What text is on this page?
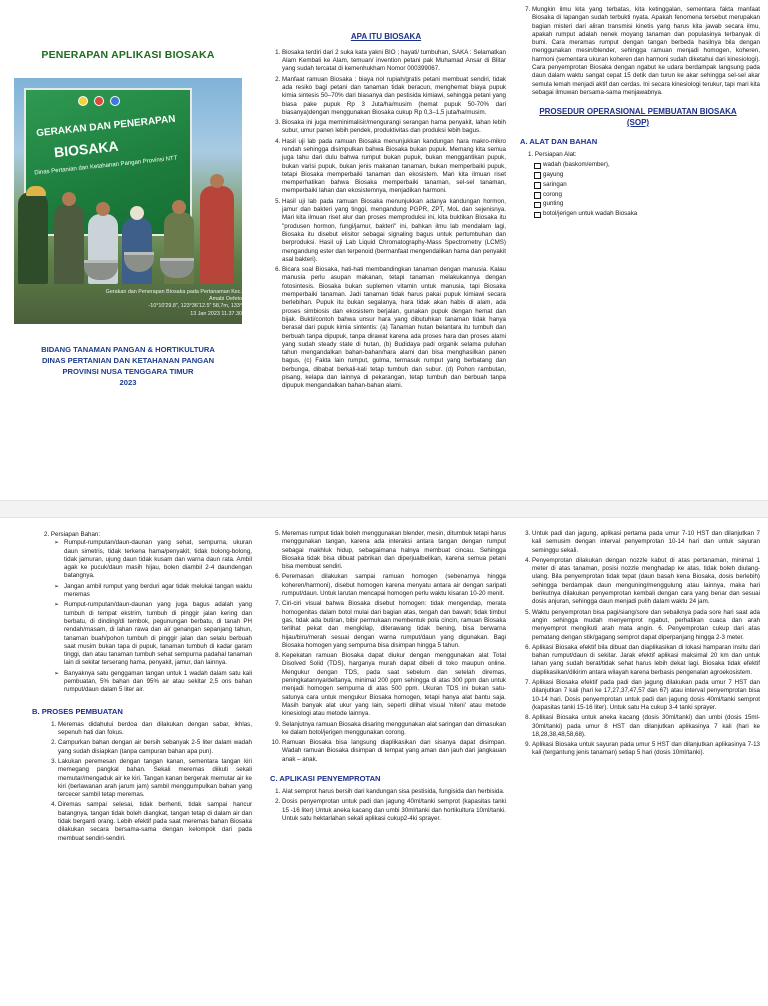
PENERAPAN APLIKASI BIOSAKA
GERAKAN DAN PENERAPAN
BIOSAKA
Dinas Pertanian dan Ketahanan Pangan Provinsi NTT
Gerakan dan Penerapan Biosaka pada Pertanaman Kec. Amabi Oefeto
-10°10'29.8", 123°36'12.5" 58,7m, 133°
13 Jan 2023 11.37.30
BIDANG TANAMAN PANGAN & HORTIKULTURA
DINAS PERTANIAN DAN KETAHANAN PANGAN
PROVINSI NUSA TENGGARA TIMUR
2023
APA ITU BIOSAKA
1. Biosaka terdiri dari 2 suka kata yakni BIO ; hayati/ tumbuhan, SAKA : Selamatkan Alam Kembali ke Alam, temuan/ invention petani pak Muhamad Ansar di Blitar yang sudah tercatat di kemenhukham Nomor 000399067.
2. Manfaat ramuan Biosaka : biaya nol rupiah/gratis petani membuat sendiri, tidak ada resiko bagi petani dan tanaman tidak beracun, menghemat biaya pupuk kimia sintesis 50–70% dari biasanya dan pestisida kimiawi, sehingga petani yang biasa pake pupuk Rp 3 Juta/ha/musim (hemat pupuk 50-70% dari biasanya)dengan menggunakan Biosaka cukup Rp 0,3–1,5 juta/ha/musim.
3. Biosaka ini juga meminimalisir/mengurangi serangan hama penyakit, lahan lebih subur, umur panen lebih pendek, produktivitas dan produksi lebih bagus.
4. Hasil uji lab pada ramuan Biosaka menunjukkan kandungan hara makro-mikro rendah sehingga disimpulkan bahwa Biosaka bukan pupuk. Memang kita semua juga tahu dari dulu bahwa rumput bukan pupuk, bukan menggantikan pupuk, bukan varisi pupuk, bukan jenis makanan tanaman, bukan memperbaiki pupuk, tetapi Biosaka memperbaiki tanaman dan ekosistem. Mari kita ilmuan riset memperhatikan bahwa Biosaka memperbaiki tanaman, sel-sel tanaman, memperbaiki lahan dan ekosistemnya, menjadikan harmoni.
5. Hasil uji lab pada ramuan Biosaka menunjukkan adanya kandungan hormon, jamur dan bakteri yang tinggi, mengandung PGPR, ZPT, MoL dan sejenisnya. Mari kita ilmuan riset alur dan proses memproduksi ini, kita buktikan Biosaka itu "produsen hormon, fungi/jamur, bakteri" ini, bahkan ilmu lab mendalam lagi, Biosaka itu disebut elisitor sebagai signaling bagus untuk pertumbuhan dan berproduksi. Hasil uji Lab Liquid Chromatography-Mass Spectrometry (LCMS) mengandung ester dan terpenoid (bermanfaat mengendalikan hama dan penyakit asal bakteri).
6. Bicara soal Biosaka, hati-hati membandingkan tanaman dengan manusia. Kalau manusia perlu asupan makanan, tetapi tanaman melakukannya dengan fotosintesis. Biosaka bukan suplemen vitamin untuk manusia, tapi Biosaka memperbaiki tanaman. Jadi tanaman tidak harus pakai pupuk kimiawi secara berlebihan. Pupuk itu bukan segalanya, hara tidak akan habis di alam, ada proses simbiosis dan ekosistem berjalan, gunakan pupuk dengan hemat dan bijak. Bukti/contoh bahwa unsur hara yang dibutuhkan tanaman tidak hanya berasal dari pupuk kimia sintentis: (a) Tanaman hutan belantara itu tumbuh dan berbuah tanpa dipupuk, tanpa dirawat karena ada proses hara dan proses alami yang sudah steady state di hutan, (b) Budidaya padi organik selama puluhan tahun mengandalkan bahan-bahan/hara alami dan bisa menghasilkan panen bagus, (c) Fakta lain rumput, gulma, termasuk rumput yang berbatang dan berbunga, dibabat berkali-kali tetap tumbuh dan subur. (d) Pohon rambutan, pisang, kelapa dan lainnya di pekarangan, tetap tumbuh dan berbuah tanpa dipupuk mengandalkan bahan-bahan alami.
7. Mungkin ilmu kita yang terbatas, kita ketinggalan, sementara fakta manfaat Biosaka di lapangan sudah terbukti nyata. Apakah fenomena tersebut merupakan bagian misteri dari aliran transmisi kinetis yang harus kita jawab secara ilmu, apakah rumput adalah nenek moyang tanaman dan populasinya terbanyak di bumi. Cara meramas rumput dengan tangan berbeda hasilnya bila dengan menggunakan mesin/blender, sehingga ramuan menjadi homogen, koheren, harmoni (sementara ukuran koheren dan harmoni sudah diketahui dari kinesiologi). Cara penyemprotan Biosaka dengan ngabut ke udara berdampak langsung pada daun dalam waktu sangat cepat 15 detik dan turun ke akar sehingga sel-sel akar semula lemah menjadi aktif dan cerdas. Ini secara kinesiologi terukur, tapi mari kita sebagai ilmuwan bersama-sama menjawabnya.
PROSEDUR OPERASIONAL PEMBUATAN BIOSAKA
(SOP)
A. ALAT DAN BAHAN
1. Persiapan Alat:
wadah (baskom/ember),
gayung
saringan
corong
gunting
botol/jerigen untuk wadah Biosaka
2. Persiapan Bahan:
➢ Rumput-rumputan/daun-daunan yang sehat, sempurna, ukuran daun simetris, tidak terkena hama/penyakit, tidak bolong-bolong, tidak jamuran, ujung daun tidak kusam dan warna daun rata. Ambil agak ke pucuk/daun masih hijau, bolen diambil 2-4 daundengan batangnya.
➢ Jangan ambil rumput yang berduri agar tidak melukai tangan waktu meremas
➢ Rumput-rumputan/daun-daunan yang juga bagus adalah yang tumbuh di tempat ekstrim, tumbuh di pinggir jalan kering dan berbatu, di dinding/di tembok, pegunungan berbatu, di tanah PH rendah/masam, di lahan rawa dan air genangan sepanjang tahun, tanaman buah/pohon tumbuh di pinggir jalan dan selalu berbuah saat musim bukan tapa di pupuk, tanaman tumbuh di kadar garam tinggi, dan atau tanaman tumbuh sehat sempurna padahal tanaman lain di sekitar terserang hama, penyakit, jamur, dan lainnya.
➢ Banyaknya satu genggaman tangan untuk 1 wadah dalam satu kali pembuatan, 5% bahan dan 95% air atau sekitar 2,5 ons bahan rumput/daun dalam 5 liter air.
B. PROSES PEMBUATAN
1. Meremas didahului berdoa dan dilakukan dengan sabar, ikhlas, sepenuh hati dan fokus.
2. Campurkan bahan dengan air bersih sebanyak 2-5 liter dalam wadah yang sudah disiapkan (tanpa campuran bahan apa pun).
3. Lakukan peremesan dengan tangan kanan, sementara tangan kiri memegang pangkal bahan. Sekali meremas diikuti sekali memutar/mengaduk air ke kiri. Tangan kanan bergerak memutar air ke kiri (berlawanan arah jarum jam) sambil menggumpulkan bahan yang tercecer sambil tetap meremas.
4. Diremas sampai selesai, tidak berhenti, tidak sampai hancur batangnya, tangan tidak boleh diangkat, tangan tetap di dalam air dan tidak berganti orang. Lebih efektif pada saat meremas bahan Biosaka dilakukan secara bersama-sama dengan kelompok dari pada membuat sendiri-sendiri.
5. Meremas rumput tidak boleh menggunakan blender, mesin, ditumbuk tetapi harus menggunakan tangan, karena ada interaksi antara tangan dengan rumput sebagai makhluk hidup, sebagaimana halnya membuat cincau. Sehingga Biosaka tidak bisa dibuat pabrikan dan diperjualbelikan, karena semua petani bisa membuat sendiri.
6. Peremasan dilakukan sampai ramuan homogen (sebenarnya hingga koheren/harmoni), disebut homogen karena menyatu antara air dengan saripati rumput/daun. Untuk larutan mencapai homogen perlu waktu kisaran 10-20 menit.
7. Ciri-ciri visual bahwa Biosaka disebut homogen: tidak mengendap, merata homogenitas dalam botol mulai dari bagian atas, tengah dan bawah; tidak timbul gas, tidak ada butiran, bibir permukaan membentuk pola cincin, ramuan Biosaka terlihat pekat dan mengkilap, diterawang tidak bening, bisa berwarna hijau/biru/merah sesuai dengan warna rumput/daun yang digunakan. Bagi Biosaka homogen yang sempurna bisa disimpan hingga 5 tahun.
8. Kepekatan ramuan Biosaka dapat diukur dengan menggunakan alat Total Disolved Solid (TDS), harganya murah dapat dibeli di toko maupun online. Mengukur dengan TDS, pada saat sebelum dan setelah diremas, peningkatannya/deltanya, minimal 200 ppm sehingga di atas 300 ppm dan untuk menjadi homogen sempurna di atas 500 ppm. Ukuran TDS ini bukan satu-satunya cara untuk mengukur Biosaka homogen, tetapi hanya alat bantu saja. Masih banyak alat ukur yang lain, seperti dilihat visual 'niteni' atau metode kinesiologi atau metode lainnya.
9. Selanjutnya ramuan Biosaka disaring menggunakan alat saringan dan dimasukan ke dalam botol/jerigen menggunakan corong.
10. Ramuan Biosaka bisa langsung diaplikasikan dan sisanya dapat disimpan. Wadah ramuan Biosaka disimpan di tempat yang aman dan jauh dari jangkauan anak – anak.
C. APLIKASI PENYEMPROTAN
1. Alat semprot harus bersih dari kandungan sisa pestisida, fungisida dan herbisida.
2. Dosis penyemprotan untuk padi dan jagung 40ml/tanki semprot (kapasitas tanki 15 -16 liter) Untuk aneka kacang dan umbi 30ml/tanki dan hortikultura 10ml/tanki. Untuk satu hektarlahan sekali aplikasi cukup2-4ki sprayer.
3. Untuk padi dan jagung, aplikasi pertama pada umur 7-10 HST dan dilanjutkan 7 kali semusim dengan interval penyemprotan 10-14 hari dan untuk sayuran seminggu sekali.
4. Penyemprotan dilakukan dengan nozzle kabut di atas pertanaman, minimal 1 meter di atas tanaman, posisi nozzle menghadap ke atas, tidak boleh diulang-ulang. Bila penyemprotan tidak tepat (daun basah kena Biosaka, dosis berlebih) sehingga berdampak daun menguning/menggulung atau lainnya, maka hari berikutnya dilakukan penyemprotan kembali dengan cara yang benar dan sesuai dosis anjuran, sehingga daun menjadi pulih dalam waktu 24 jam.
5. Waktu penyemprotan bisa pagi/siang/sore dan sebaiknya pada sore hari saat ada angin sehingga mudah menyemprot ngabut, perhatikan cuaca dan arah menyemprot mengikuti arah mata angin. 6. Penyemprotan cukup dari atas pematang dengan stik/gagang semprot dapat diperpanjang hingga 2-3 meter.
6. Aplikasi Biosaka efektif bila dibuat dan diaplikasikan di lokasi hamparan insitu dari bahan rumput/daun di sekitar. Jarak efektif aplikasi maksimal 20 km dan untuk lahan yang sudah berat/tidak sehat harus lebih dekat lagi. Biosaka tidak efektif diaplikasikan/dikirim antara wilayah karena berbasis pengenalan agroekosistem.
7. Aplikasi Biosaka efektif pada padi dan jagung dilakukan pada umur 7 HST dan dilanjutkan 7 kali (hari ke 17,27,37,47,57 dan 67) atau interval penyemprotan bisa 10-14 hari. Dosis penyemprotan untuk padi dan jagung dosis 40ml/tanki semprot (kapasitas tanki 15-16 liter). Untuk satu Ha cukup 3-4 tanki sprayer.
8. Aplikasi Biosaka untuk aneka kacang (dosis 30ml/tanki) dan umbi (dosis 15ml-30ml/tanki) pada umur 8 HST dan dilanjutkan aplikasinya 7 kali (hari ke 18,28,38,48,58,68).
9. Aplikasi Biosaka untuk sayuran pada umur 5 HST dan dilanjutkan aplikasinya 7-13 kali (tergantung jenis tanaman) setiap 5 hari (dosis 10ml/tanki).
